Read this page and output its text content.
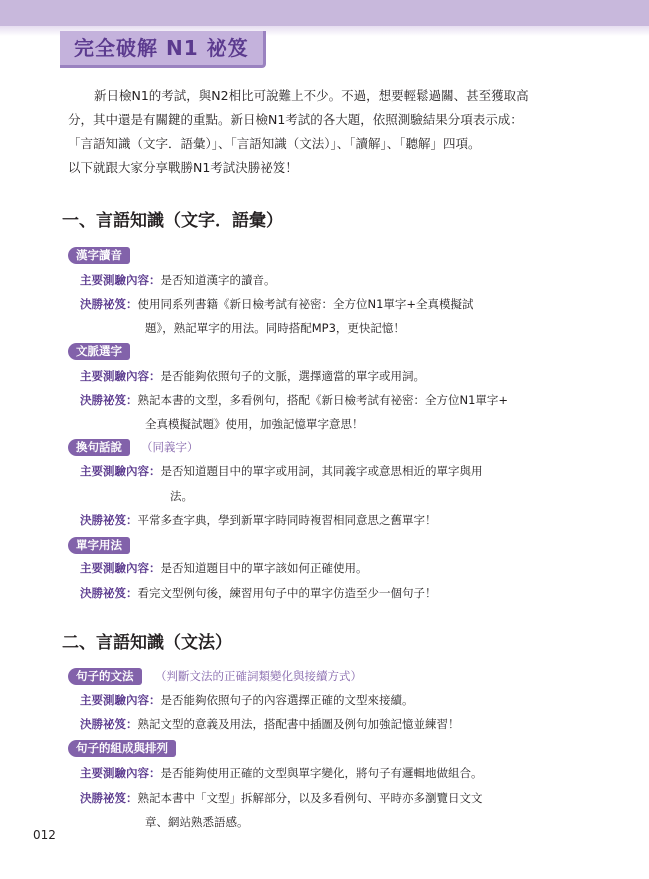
完全破解 N1 祕笈
新日檢N1的考試，與N2相比可說難上不少。不過，想要輕鬆過關、甚至獲取高
分，其中還是有關鍵的重點。新日檢N1考試的各大題，依照測驗結果分項表示成：
「言語知識（文字．語彙）」、「言語知識（文法）」、「讀解」、「聽解」四項。
以下就跟大家分享戰勝N1考試決勝祕笈！
一、言語知識（文字．語彙）
漢字讀音
主要測驗內容：是否知道漢字的讀音。
決勝祕笈：使用同系列書籍《新日檢考試有祕密：全方位N1單字+全真模擬試
題》，熟記單字的用法。同時搭配MP3，更快記憶！
文脈選字
主要測驗內容：是否能夠依照句子的文脈，選擇適當的單字或用詞。
決勝祕笈：熟記本書的文型，多看例句，搭配《新日檢考試有祕密：全方位N1單字+
全真模擬試題》使用，加強記憶單字意思！
換句話說	（同義字）
主要測驗內容：是否知道題目中的單字或用詞，其同義字或意思相近的單字與用
法。
決勝祕笈：平常多查字典，學到新單字時同時複習相同意思之舊單字！
單字用法
主要測驗內容：是否知道題目中的單字該如何正確使用。
決勝祕笈：看完文型例句後，練習用句子中的單字仿造至少一個句子！
二、言語知識（文法）
句子的文法	（判斷文法的正確詞類變化與接續方式）
主要測驗內容：是否能夠依照句子的內容選擇正確的文型來接續。
決勝祕笈：熟記文型的意義及用法，搭配書中插圖及例句加強記憶並練習！
句子的組成與排列
主要測驗內容：是否能夠使用正確的文型與單字變化，將句子有邏輯地做組合。
決勝祕笈：熟記本書中「文型」拆解部分，以及多看例句、平時亦多瀏覽日文文
章、網站熟悉語感。
012
